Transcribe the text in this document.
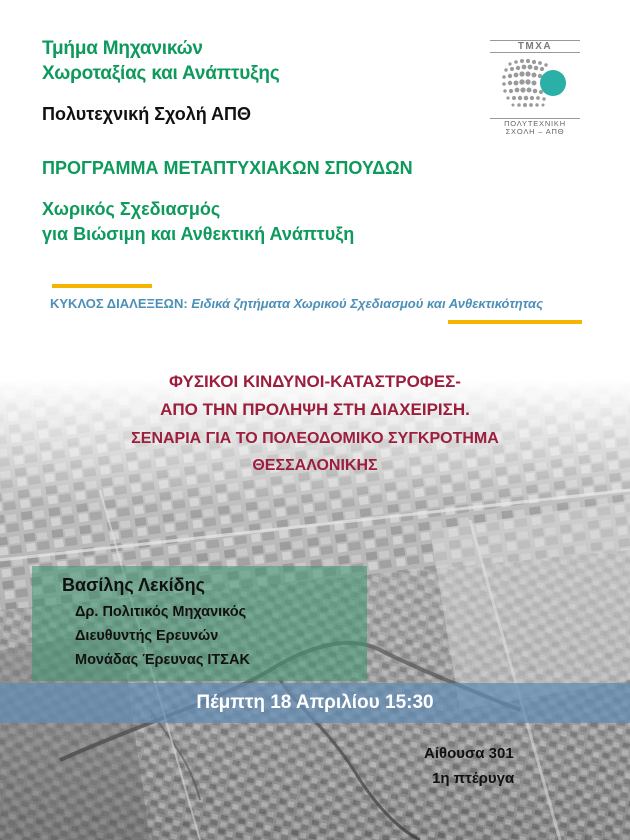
Τμήμα Μηχανικών
Χωροταξίας και Ανάπτυξης
Πολυτεχνική Σχολή ΑΠΘ
ΠΡΟΓΡΑΜΜΑ ΜΕΤΑΠΤΥΧΙΑΚΩΝ ΣΠΟΥΔΩΝ
Χωρικός Σχεδιασμός
για Βιώσιμη και Ανθεκτική Ανάπτυξη
ΤΜΧΑ
ΠΟΛΥΤΕΧΝΙΚΗ
ΣΧΟΛΗ – ΑΠΘ
ΚΥΚΛΟΣ ΔΙΑΛΕΞΕΩΝ: Ειδικά ζητήματα Χωρικού Σχεδιασμού και Ανθεκτικότητας
ΦΥΣΙΚΟΙ ΚΙΝΔΥΝΟΙ-ΚΑΤΑΣΤΡΟΦΕΣ-
ΑΠΟ ΤΗΝ ΠΡΟΛΗΨΗ ΣΤΗ ΔΙΑΧΕΙΡΙΣΗ.
ΣΕΝΑΡΙΑ ΓΙΑ ΤΟ ΠΟΛΕΟΔΟΜΙΚΟ ΣΥΓΚΡΟΤΗΜΑ
ΘΕΣΣΑΛΟΝΙΚΗΣ
Βασίλης Λεκίδης
Δρ. Πολιτικός Μηχανικός
Διευθυντής Ερευνών
Μονάδας Έρευνας ΙΤΣΑΚ
Πέμπτη 18 Απριλίου 15:30
Αίθουσα 301
1η πτέρυγα
